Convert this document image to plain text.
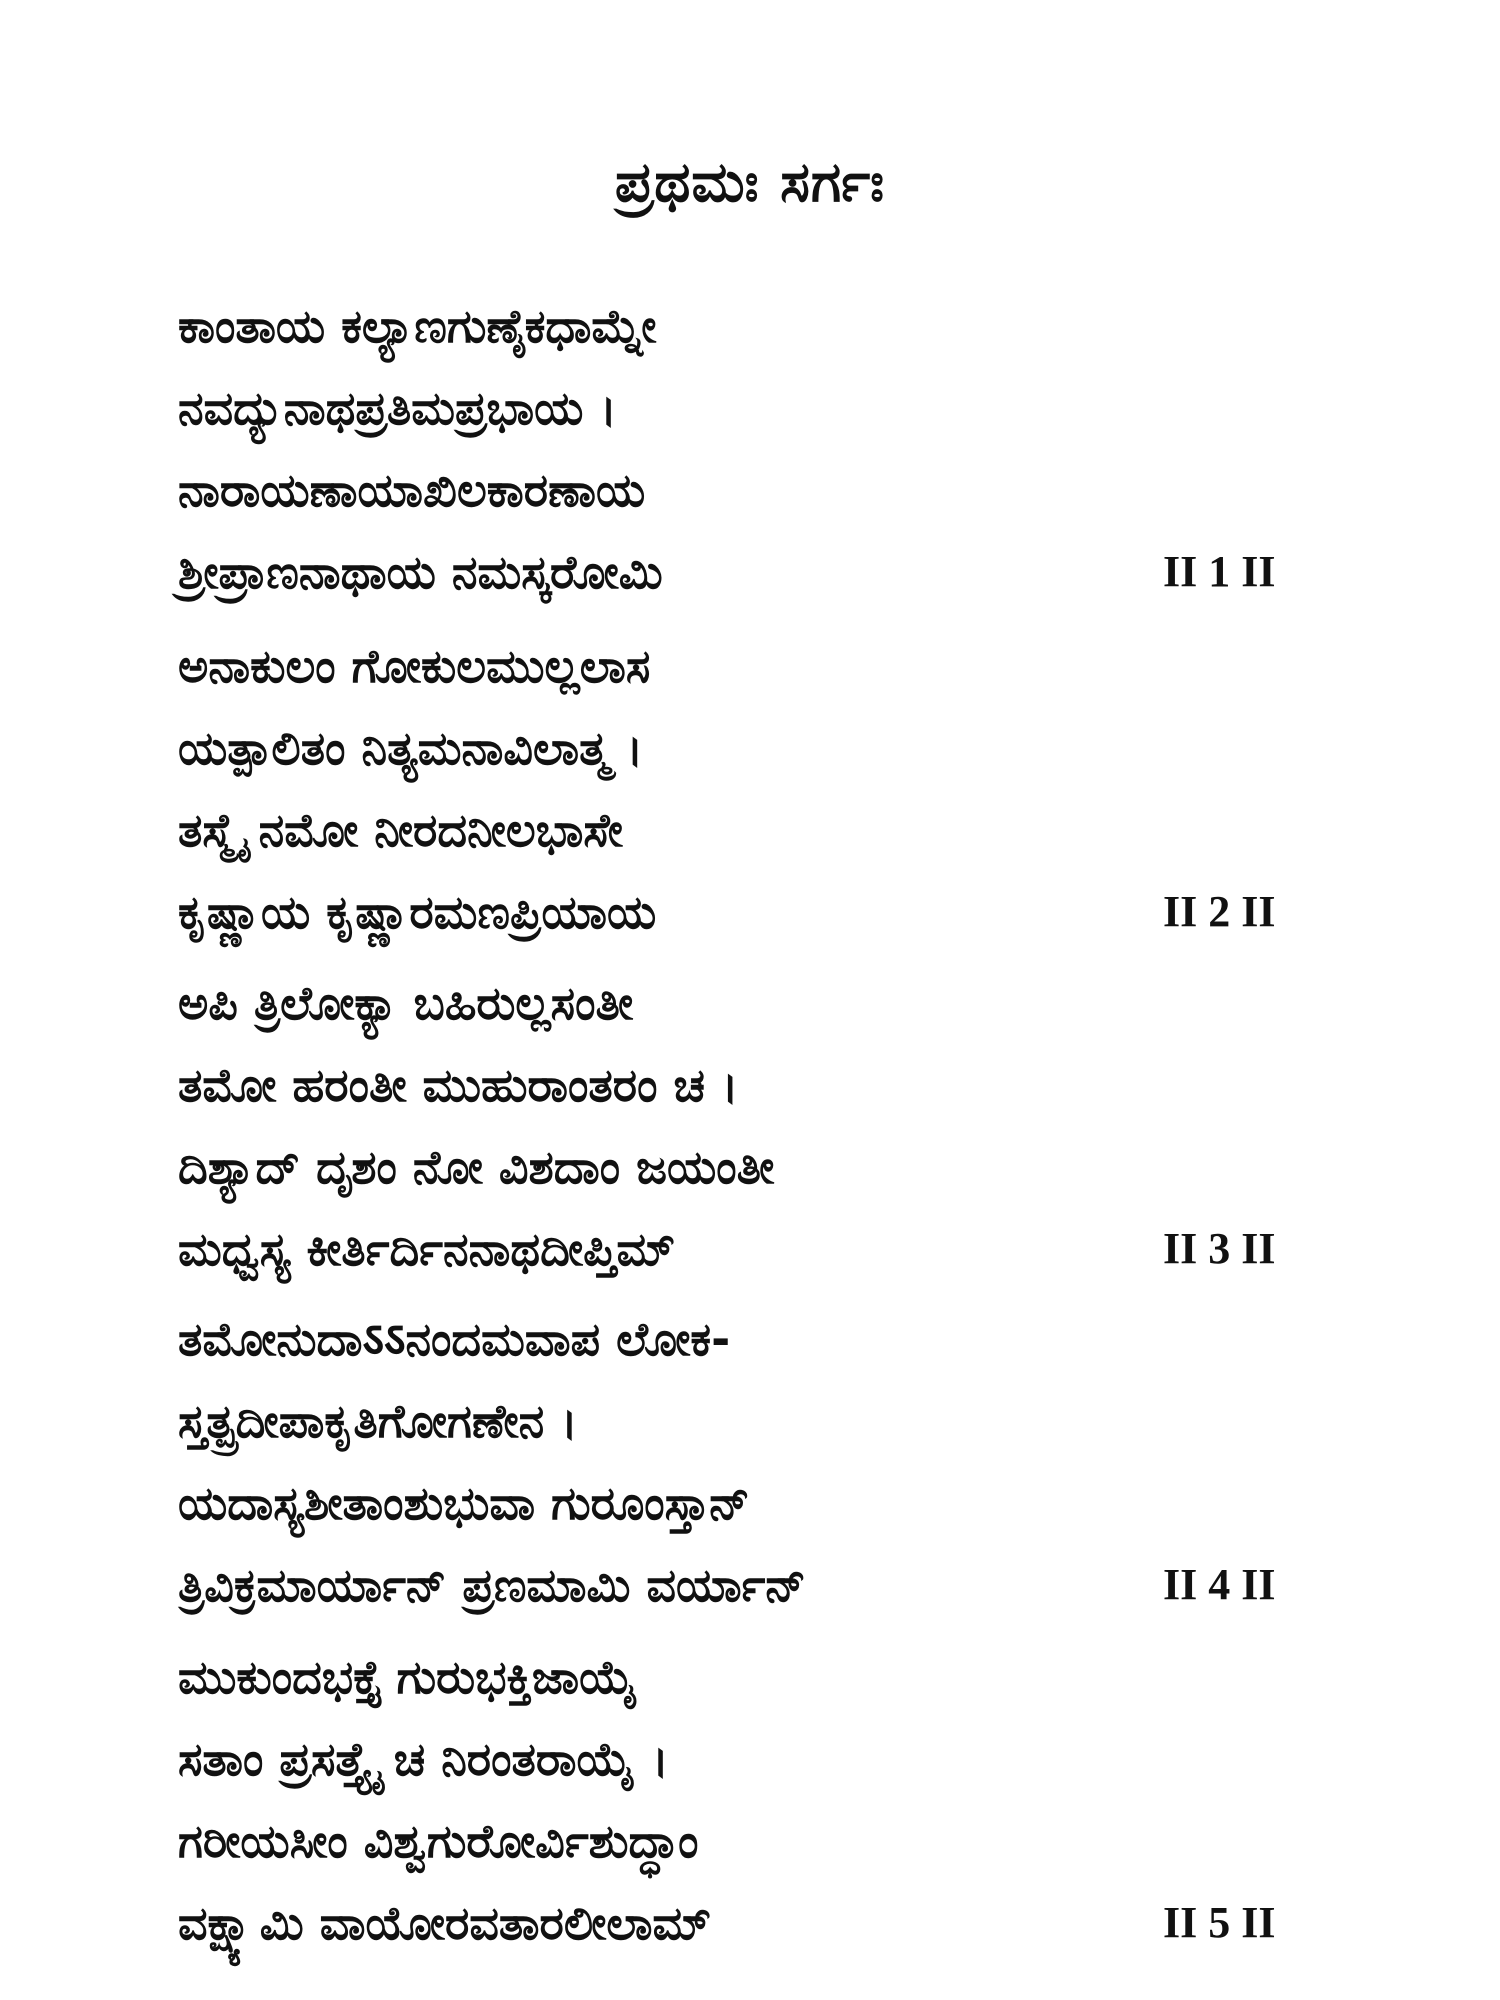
ಪ್ರಥಮಃ ಸರ್ಗಃ
ಕಾಂತಾಯ ಕಲ್ಯಾಣಗುಣೈಕಧಾಮ್ನೇ
ನವದ್ಯುನಾಥಪ್ರತಿಮಪ್ರಭಾಯ ।
ನಾರಾಯಣಾಯಾಖಿಲಕಾರಣಾಯ
ಶ್ರೀಪ್ರಾಣನಾಥಾಯ ನಮಸ್ಕರೋಮಿ	II 1 II
ಅನಾಕುಲಂ ಗೋಕುಲಮುಲ್ಲಲಾಸ
ಯತ್ಪಾಲಿತಂ ನಿತ್ಯಮನಾವಿಲಾತ್ಮ ।
ತಸ್ಮೈ ನಮೋ ನೀರದನೀಲಭಾಸೇ
ಕೃಷ್ಣಾಯ ಕೃಷ್ಣಾರಮಣಪ್ರಿಯಾಯ	II 2 II
ಅಪಿ ತ್ರಿಲೋಕ್ಯಾ ಬಹಿರುಲ್ಲಸಂತೀ
ತಮೋ ಹರಂತೀ ಮುಹುರಾಂತರಂ ಚ ।
ದಿಶ್ಯಾದ್ ದೃಶಂ ನೋ ವಿಶದಾಂ ಜಯಂತೀ
ಮಧ್ವಸ್ಯ ಕೀರ್ತಿರ್ದಿನನಾಥದೀಪ್ತಿಮ್	II 3 II
ತಮೋನುದಾऽऽನಂದಮವಾಪ ಲೋಕ-
ಸ್ತತ್ಪ್ರದೀಪಾಕೃತಿಗೋಗಣೇನ ।
ಯದಾಸ್ಯಶೀತಾಂಶುಭುವಾ ಗುರೂಂಸ್ತಾನ್
ತ್ರಿವಿಕ್ರಮಾರ್ಯಾನ್ ಪ್ರಣಮಾಮಿ ವರ್ಯಾನ್	II 4 II
ಮುಕುಂದಭಕ್ತೈ ಗುರುಭಕ್ತಿಜಾಯೈ
ಸತಾಂ ಪ್ರಸತ್ತ್ಯೈ ಚ ನಿರಂತರಾಯೈ ।
ಗರೀಯಸೀಂ ವಿಶ್ವಗುರೋರ್ವಿಶುದ್ಧಾಂ
ವಕ್ಷ್ಯಾಮಿ ವಾಯೋರವತಾರಲೀಲಾಮ್	II 5 II
